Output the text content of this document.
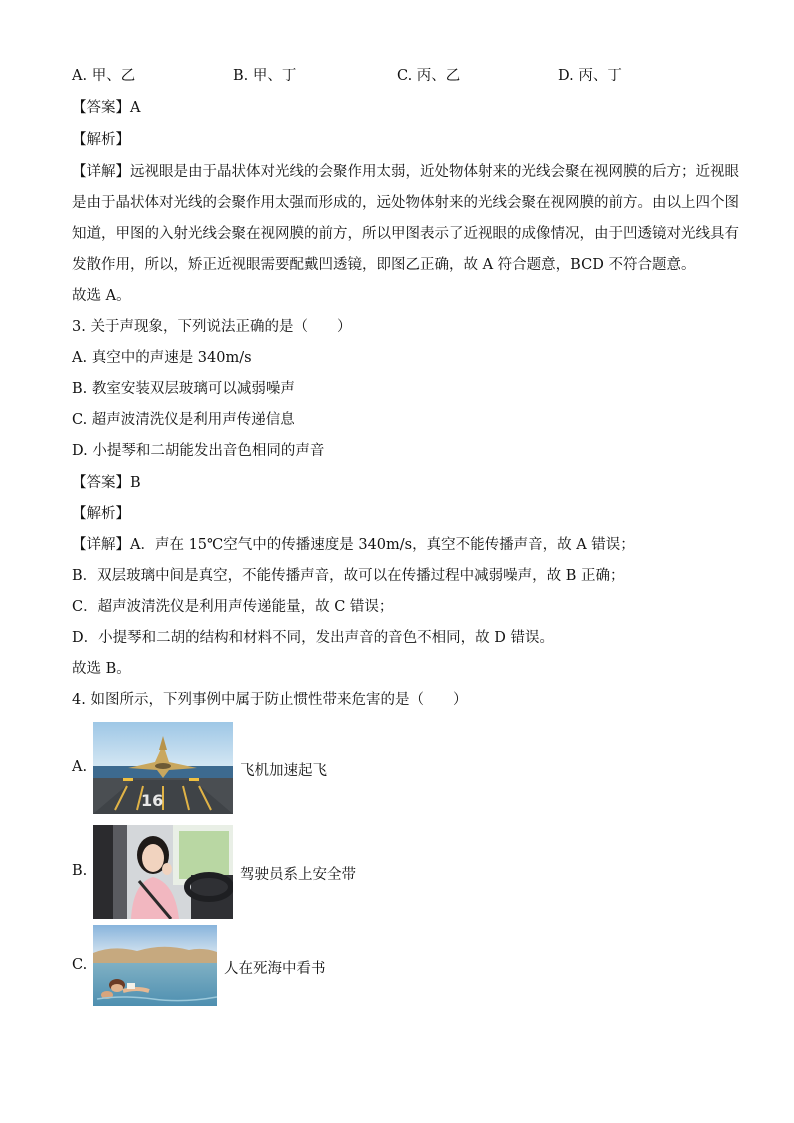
A. 甲、乙	B. 甲、丁	C. 丙、乙	D. 丙、丁
【答案】A
【解析】
【详解】远视眼是由于晶状体对光线的会聚作用太弱，近处物体射来的光线会聚在视网膜的后方；近视眼
是由于晶状体对光线的会聚作用太强而形成的，远处物体射来的光线会聚在视网膜的前方。由以上四个图
知道，甲图的入射光线会聚在视网膜的前方，所以甲图表示了近视眼的成像情况，由于凹透镜对光线具有
发散作用，所以，矫正近视眼需要配戴凹透镜，即图乙正确，故 A 符合题意，BCD 不符合题意。
故选 A。
3. 关于声现象，下列说法正确的是（　　）
A. 真空中的声速是 340m/s
B. 教室安装双层玻璃可以减弱噪声
C. 超声波清洗仪是利用声传递信息
D. 小提琴和二胡能发出音色相同的声音
【答案】B
【解析】
【详解】A．声在 15℃空气中的传播速度是 340m/s，真空不能传播声音，故 A 错误；
B．双层玻璃中间是真空，不能传播声音，故可以在传播过程中减弱噪声，故 B 正确；
C．超声波清洗仪是利用声传递能量，故 C 错误；
D．小提琴和二胡的结构和材料不同，发出声音的音色不相同，故 D 错误。
故选 B。
4. 如图所示，下列事例中属于防止惯性带来危害的是（　　）
A.
16
飞机加速起飞
B.	驾驶员系上安全带
C.	人在死海中看书
